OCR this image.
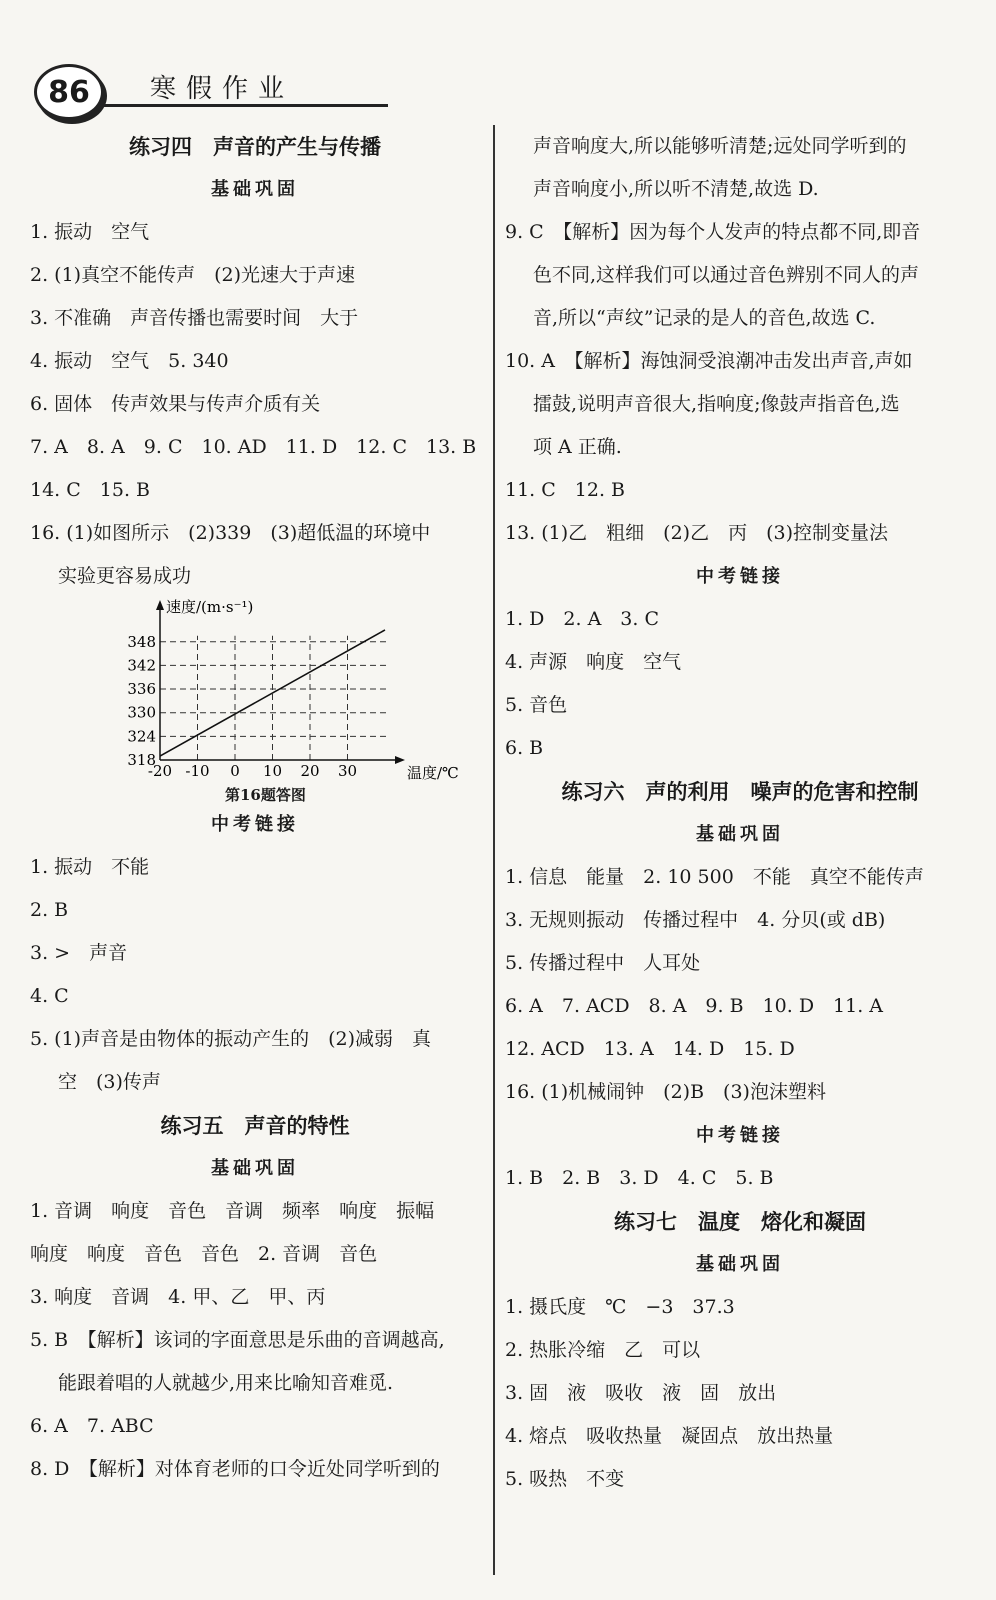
86	寒假作业
练习四　声音的产生与传播
基础巩固
1. 振动　空气
2. (1)真空不能传声　(2)光速大于声速
3. 不准确　声音传播也需要时间　大于
4. 振动　空气　5. 340
6. 固体　传声效果与传声介质有关
7. A　8. A　9. C　10. AD　11. D　12. C　13. B
14. C　15. B
16. (1)如图所示　(2)339　(3)超低温的环境中
实验更容易成功
-20 -10 0 10 20 30
318
324
330
336
342
348
速度/(m·s⁻¹)
温度/℃
第16题答图
中考链接
1. 振动　不能
2. B
3. >　声音
4. C
5. (1)声音是由物体的振动产生的　(2)减弱　真
空　(3)传声
练习五　声音的特性
基础巩固
1. 音调　响度　音色　音调　频率　响度　振幅
响度　响度　音色　音色　2. 音调　音色
3. 响度　音调　4. 甲、乙　甲、丙
5. B　【解析】该词的字面意思是乐曲的音调越高,
能跟着唱的人就越少,用来比喻知音难觅.
6. A　7. ABC
8. D　【解析】对体育老师的口令近处同学听到的
声音响度大,所以能够听清楚;远处同学听到的
声音响度小,所以听不清楚,故选 D.
9. C　【解析】因为每个人发声的特点都不同,即音
色不同,这样我们可以通过音色辨别不同人的声
音,所以“声纹”记录的是人的音色,故选 C.
10. A　【解析】海蚀洞受浪潮冲击发出声音,声如
擂鼓,说明声音很大,指响度;像鼓声指音色,选
项 A 正确.
11. C　12. B
13. (1)乙　粗细　(2)乙　丙　(3)控制变量法
中考链接
1. D　2. A　3. C
4. 声源　响度　空气
5. 音色
6. B
练习六　声的利用　噪声的危害和控制
基础巩固
1. 信息　能量　2. 10 500　不能　真空不能传声
3. 无规则振动　传播过程中　4. 分贝(或 dB)
5. 传播过程中　人耳处
6. A　7. ACD　8. A　9. B　10. D　11. A
12. ACD　13. A　14. D　15. D
16. (1)机械闹钟　(2)B　(3)泡沫塑料
中考链接
1. B　2. B　3. D　4. C　5. B
练习七　温度　熔化和凝固
基础巩固
1. 摄氏度　℃　−3　37.3
2. 热胀冷缩　乙　可以
3. 固　液　吸收　液　固　放出
4. 熔点　吸收热量　凝固点　放出热量
5. 吸热　不变
